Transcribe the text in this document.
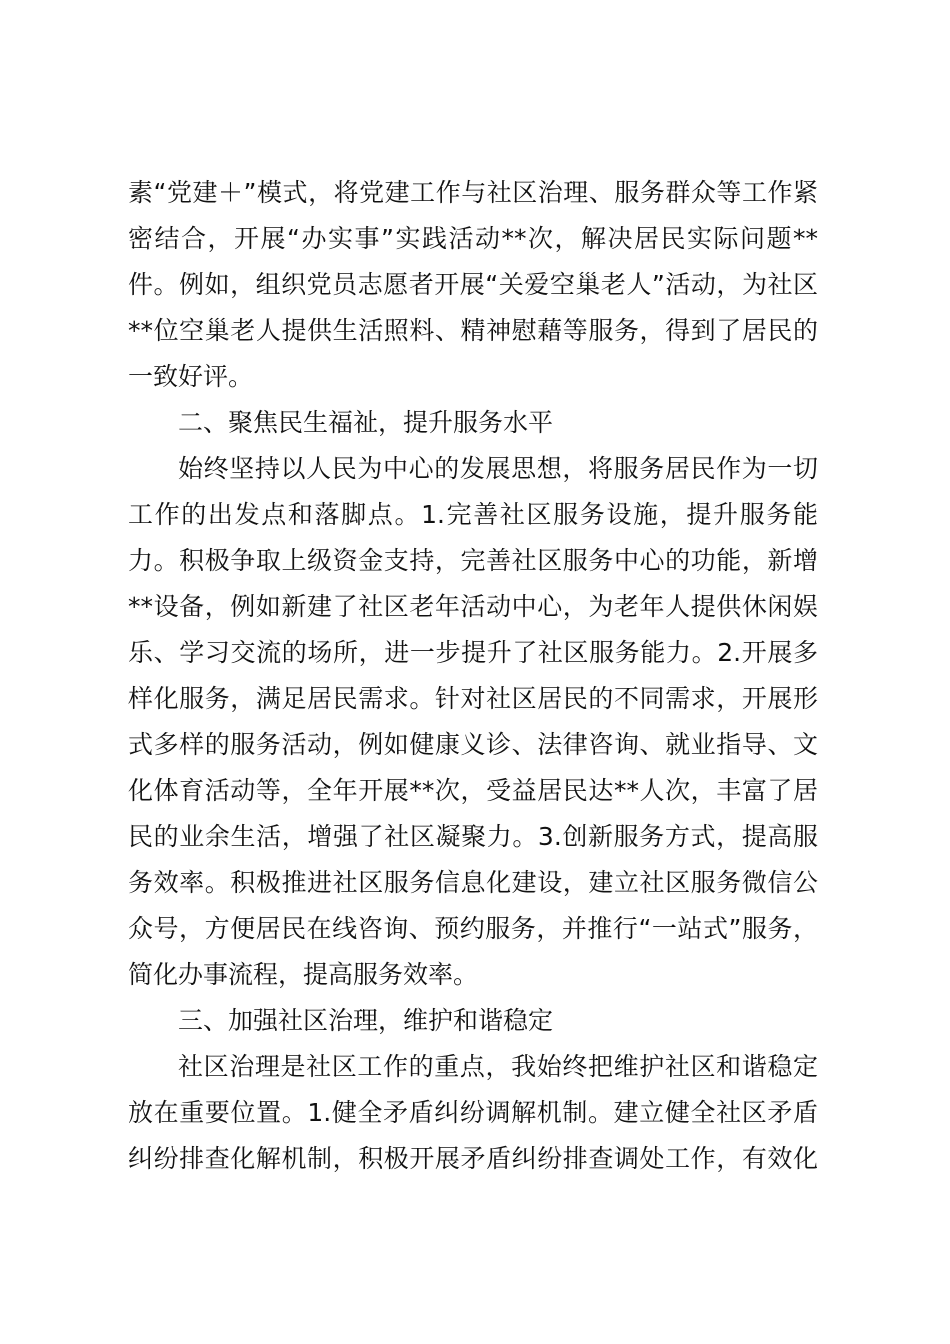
素“党建＋”模式，将党建工作与社区治理、服务群众等工作紧
密结合，开展“办实事”实践活动**次，解决居民实际问题**
件。例如，组织党员志愿者开展“关爱空巢老人”活动，为社区
**位空巢老人提供生活照料、精神慰藉等服务，得到了居民的
一致好评。
二、聚焦民生福祉，提升服务水平
始终坚持以人民为中心的发展思想，将服务居民作为一切
工作的出发点和落脚点。1.完善社区服务设施，提升服务能
力。积极争取上级资金支持，完善社区服务中心的功能，新增
**设备，例如新建了社区老年活动中心，为老年人提供休闲娱
乐、学习交流的场所，进一步提升了社区服务能力。2.开展多
样化服务，满足居民需求。针对社区居民的不同需求，开展形
式多样的服务活动，例如健康义诊、法律咨询、就业指导、文
化体育活动等，全年开展**次，受益居民达**人次，丰富了居
民的业余生活，增强了社区凝聚力。3.创新服务方式，提高服
务效率。积极推进社区服务信息化建设，建立社区服务微信公
众号，方便居民在线咨询、预约服务，并推行“一站式”服务，
简化办事流程，提高服务效率。
三、加强社区治理，维护和谐稳定
社区治理是社区工作的重点，我始终把维护社区和谐稳定
放在重要位置。1.健全矛盾纠纷调解机制。建立健全社区矛盾
纠纷排查化解机制，积极开展矛盾纠纷排查调处工作，有效化
